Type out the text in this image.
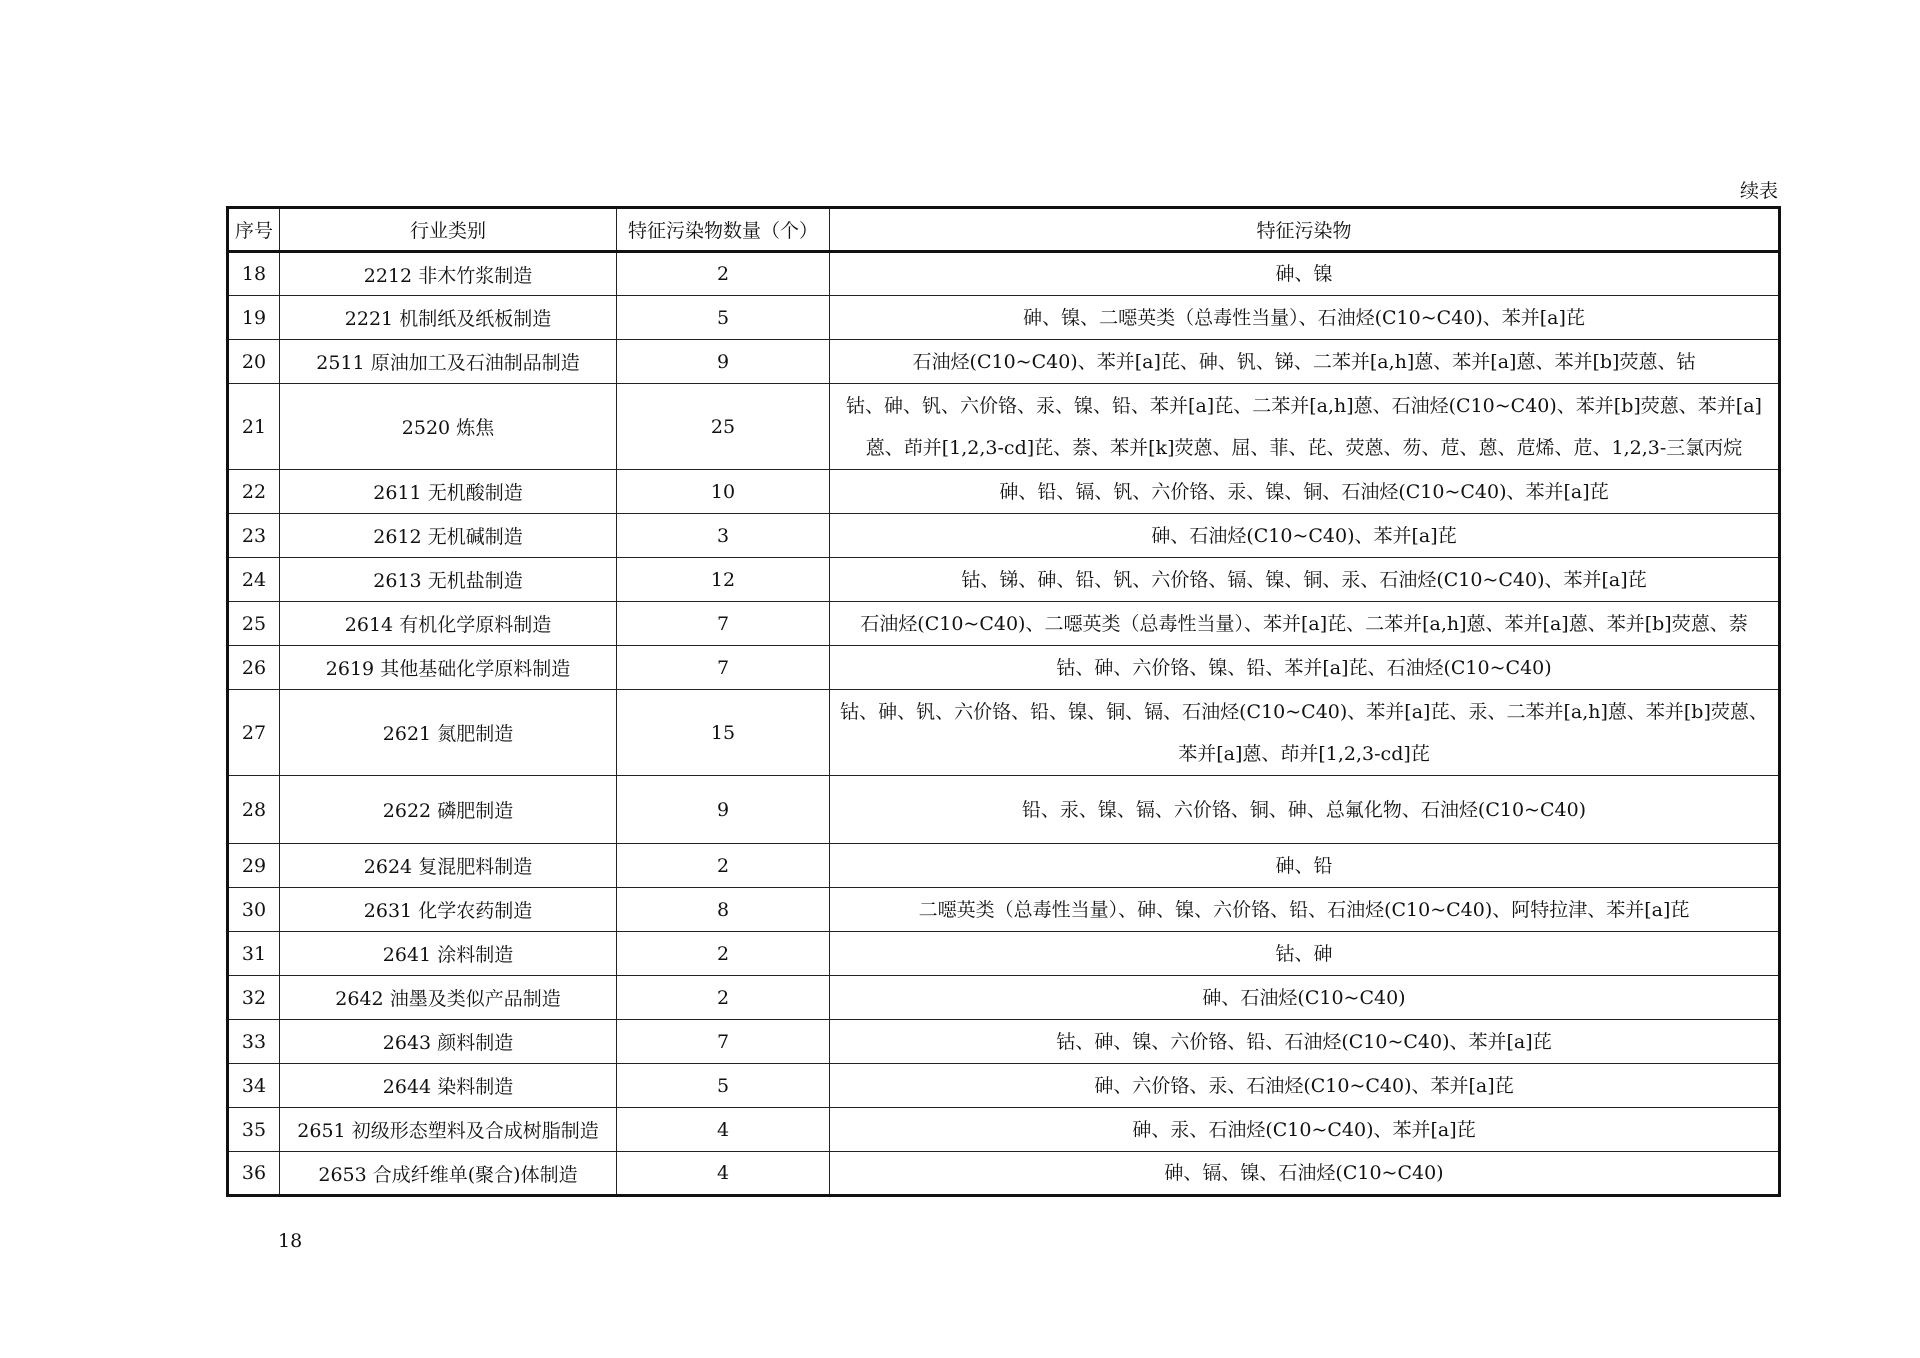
续表
序号	行业类别	特征污染物数量（个）	特征污染物
18	2212 非木竹浆制造	2	砷、镍
19	2221 机制纸及纸板制造	5	砷、镍、二噁英类（总毒性当量）、石油烃(C10~C40)、苯并[a]芘
20	2511 原油加工及石油制品制造	9	石油烃(C10~C40)、苯并[a]芘、砷、钒、锑、二苯并[a,h]蒽、苯并[a]蒽、苯并[b]荧蒽、钴
21	2520 炼焦	25	钴、砷、钒、六价铬、汞、镍、铅、苯并[a]芘、二苯并[a,h]蒽、石油烃(C10~C40)、苯并[b]荧蒽、苯并[a]蒽、茚并[1,2,3-cd]芘、萘、苯并[k]荧蒽、屈、菲、芘、荧蒽、芴、苊、蒽、苊烯、苊、1,2,3-三氯丙烷
22	2611 无机酸制造	10	砷、铅、镉、钒、六价铬、汞、镍、铜、石油烃(C10~C40)、苯并[a]芘
23	2612 无机碱制造	3	砷、石油烃(C10~C40)、苯并[a]芘
24	2613 无机盐制造	12	钴、锑、砷、铅、钒、六价铬、镉、镍、铜、汞、石油烃(C10~C40)、苯并[a]芘
25	2614 有机化学原料制造	7	石油烃(C10~C40)、二噁英类（总毒性当量）、苯并[a]芘、二苯并[a,h]蒽、苯并[a]蒽、苯并[b]荧蒽、萘
26	2619 其他基础化学原料制造	7	钴、砷、六价铬、镍、铅、苯并[a]芘、石油烃(C10~C40)
27	2621 氮肥制造	15	钴、砷、钒、六价铬、铅、镍、铜、镉、石油烃(C10~C40)、苯并[a]芘、汞、二苯并[a,h]蒽、苯并[b]荧蒽、苯并[a]蒽、茚并[1,2,3-cd]芘
28	2622 磷肥制造	9	铅、汞、镍、镉、六价铬、铜、砷、总氟化物、石油烃(C10~C40)
29	2624 复混肥料制造	2	砷、铅
30	2631 化学农药制造	8	二噁英类（总毒性当量）、砷、镍、六价铬、铅、石油烃(C10~C40)、阿特拉津、苯并[a]芘
31	2641 涂料制造	2	钴、砷
32	2642 油墨及类似产品制造	2	砷、石油烃(C10~C40)
33	2643 颜料制造	7	钴、砷、镍、六价铬、铅、石油烃(C10~C40)、苯并[a]芘
34	2644 染料制造	5	砷、六价铬、汞、石油烃(C10~C40)、苯并[a]芘
35	2651 初级形态塑料及合成树脂制造	4	砷、汞、石油烃(C10~C40)、苯并[a]芘
36	2653 合成纤维单(聚合)体制造	4	砷、镉、镍、石油烃(C10~C40)
18
